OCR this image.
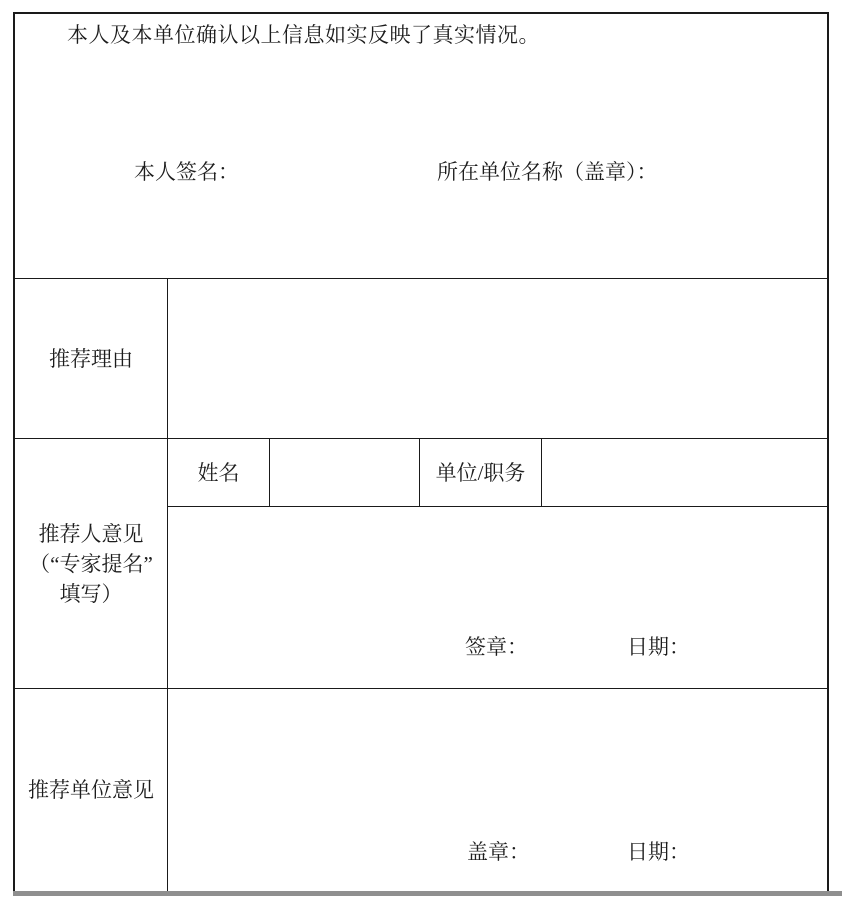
本人及本单位确认以上信息如实反映了真实情况。

本人签名：	所在单位名称（盖章）：
推荐理由
推荐人意见
（“专家提名”
填写）
姓名	单位/职务
签章：	日期：
推荐单位意见
盖章：	日期：
